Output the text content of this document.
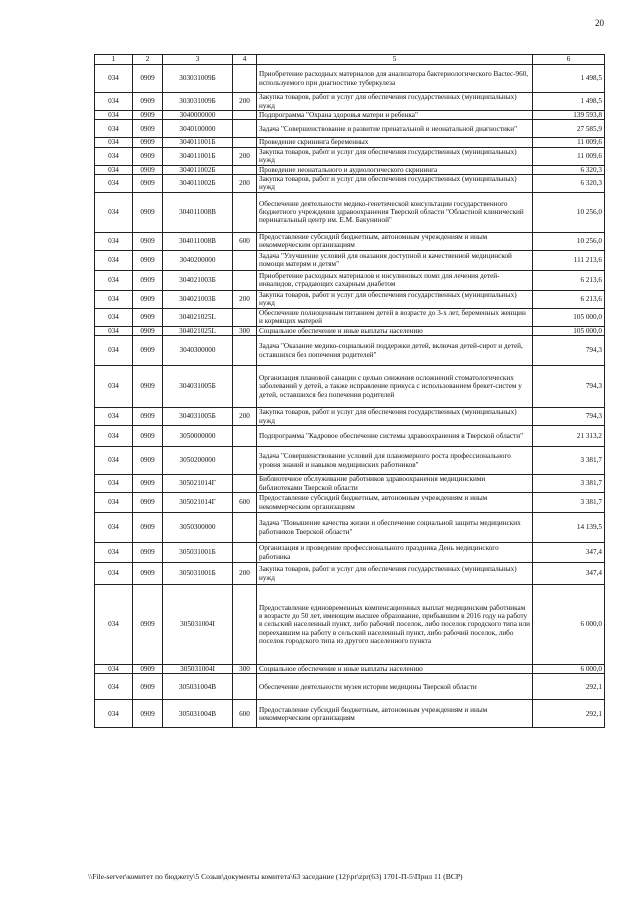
20
1	2	3	4	5	6
034	0909	303031009Б		Приобретение расходных материалов для анализатора бактериологического Bactec-960, используемого при диагностике туберкулеза	1 498,5
034	0909	303031009Б	200	Закупка товаров, работ и услуг для обеспечения государственных (муниципальных) нужд	1 498,5
034	0909	3040000000		Подпрограмма "Охрана здоровья матери и ребенка"	139 593,8
034	0909	3040100000		Задача "Совершенствование и развитие пренатальной и неонатальной диагностики"	27 585,9
034	0909	304011001Б		Проведение скрининга беременных	11 009,6
034	0909	304011001Б	200	Закупка товаров, работ и услуг для обеспечения государственных (муниципальных) нужд	11 009,6
034	0909	304011002Б		Проведение неонатального и аудиологического скрининга	6 320,3
034	0909	304011002Б	200	Закупка товаров, работ и услуг для обеспечения государственных (муниципальных) нужд	6 320,3
034	0909	304011008В		Обеспечение деятельности медико-генетической консультации государственного бюджетного учреждения здравоохранения Тверской области "Областной клинический перинатальный центр им. Е.М. Бакуниной"	10 256,0
034	0909	304011008В	600	Предоставление субсидий бюджетным, автономным учреждениям и иным некоммерческим организациям	10 256,0
034	0909	3040200000		Задача "Улучшение условий для оказания доступной и качественной медицинской помощи матерям и детям"	111 213,6
034	0909	304021003Б		Приобретение расходных материалов и инсулиновых помп для лечения детей-инвалидов, страдающих сахарным диабетом	6 213,6
034	0909	304021003Б	200	Закупка товаров, работ и услуг для обеспечения государственных (муниципальных) нужд	6 213,6
034	0909	304021025L		Обеспечение полноценным питанием детей в возрасте до 3-х лет, беременных женщин и кормящих матерей	105 000,0
034	0909	304021025L	300	Социальное обеспечение и иные выплаты населению	105 000,0
034	0909	3040300000		Задача "Оказание медико-социальной поддержки детей, включая детей-сирот и детей, оставшихся без попечения родителей"	794,3
034	0909	304031005Б		Организация плановой санации с целью снижения осложнений стоматологических заболеваний у детей, а также исправление прикуса с использованием брекет-систем у детей, оставшихся без попечения родителей	794,3
034	0909	304031005Б	200	Закупка товаров, работ и услуг для обеспечения государственных (муниципальных) нужд	794,3
034	0909	3050000000		Подпрограмма "Кадровое обеспечение системы здравоохранения в Тверской области"	21 313,2
034	0909	3050200000		Задача "Совершенствование условий для планомерного роста профессионального уровня знаний и навыков медицинских работников"	3 381,7
034	0909	305021014Г		Библиотечное обслуживание работников здравоохранения медицинскими библиотеками Тверской области	3 381,7
034	0909	305021014Г	600	Предоставление субсидий бюджетным, автономным учреждениям и иным некоммерческим организациям	3 381,7
034	0909	3050300000		Задача "Повышение качества жизни и обеспечение социальной защиты медицинских работников Тверской области"	14 139,5
034	0909	305031001Б		Организация и проведение профессионального праздника День медицинского работника	347,4
034	0909	305031001Б	200	Закупка товаров, работ и услуг для обеспечения государственных (муниципальных) нужд	347,4
034	0909	305031004I		Предоставление единовременных компенсационных выплат медицинским работникам в возрасте до 50 лет, имеющим высшее образование, прибывшим в 2016 году на работу в сельский населенный пункт, либо рабочий поселок, либо поселок городского типа или переехавшим на работу в сельский населенный пункт, либо рабочий поселок, либо поселок городского типа из другого населенного пункта	6 000,0
034	0909	305031004I	300	Социальное обеспечение и иные выплаты населению	6 000,0
034	0909	305031004В		Обеспечение деятельности музея истории медицины Тверской области	292,1
034	0909	305031004В	600	Предоставление субсидий бюджетным, автономным учреждениям и иным некоммерческим организациям	292,1
\\File-server\комитет по бюджету\5 Созыв\документы комитета\63 заседание (12)\pr\zpr(63) 1701-П-5\Прил 11 (ВСР)
